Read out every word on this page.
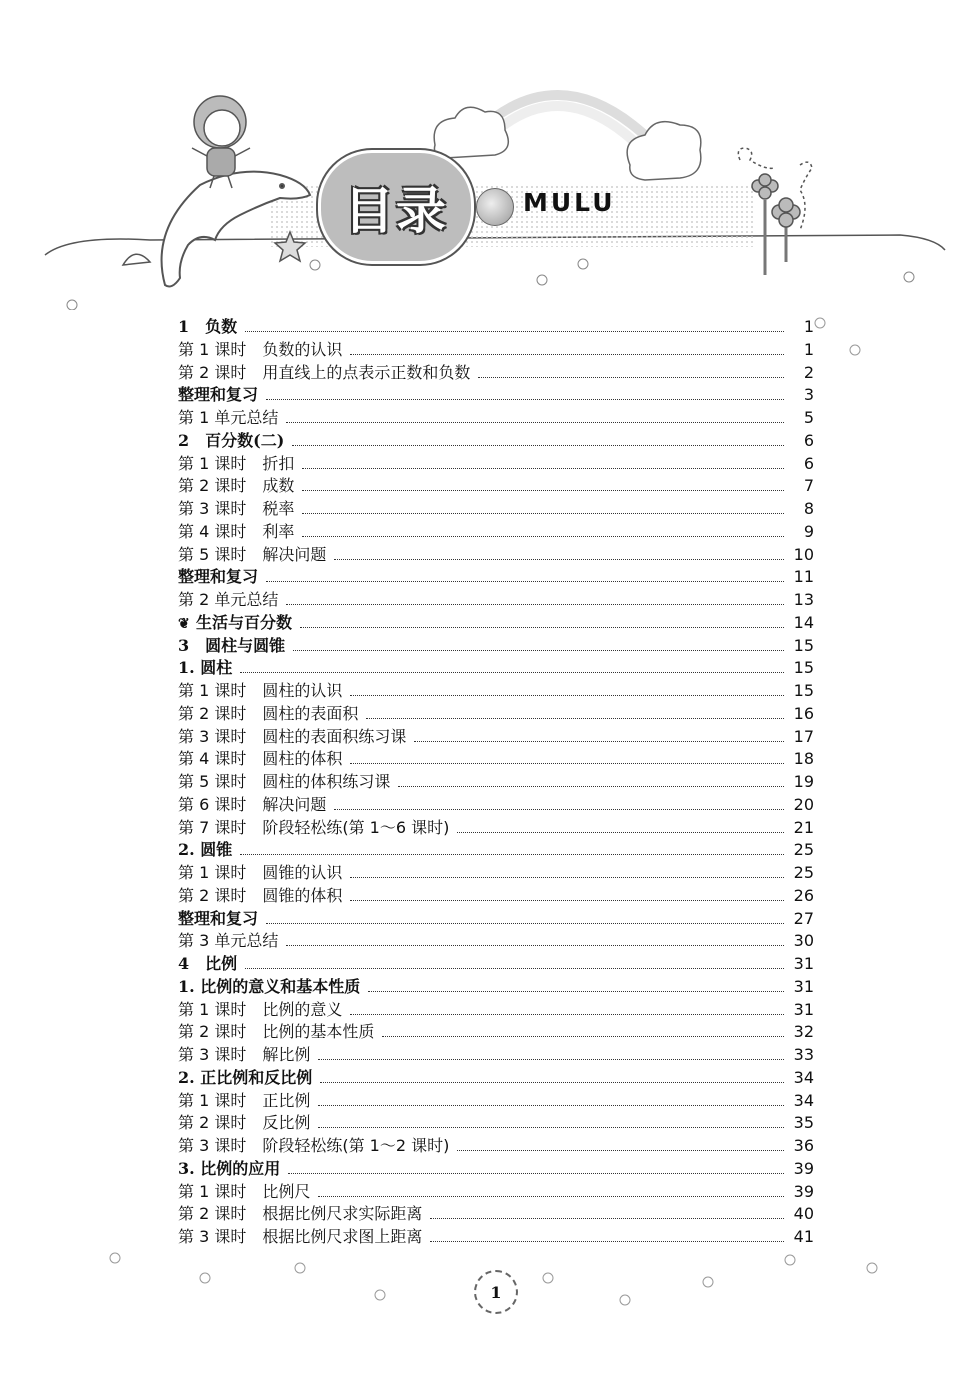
目录	MULU
1　负数	1
第 1 课时　负数的认识	1
第 2 课时　用直线上的点表示正数和负数	2
整理和复习	3
第 1 单元总结	5
2　百分数(二)	6
第 1 课时　折扣	6
第 2 课时　成数	7
第 3 课时　税率	8
第 4 课时　利率	9
第 5 课时　解决问题	10
整理和复习	11
第 2 单元总结	13
❦ 生活与百分数	14
3　圆柱与圆锥	15
1. 圆柱	15
第 1 课时　圆柱的认识	15
第 2 课时　圆柱的表面积	16
第 3 课时　圆柱的表面积练习课	17
第 4 课时　圆柱的体积	18
第 5 课时　圆柱的体积练习课	19
第 6 课时　解决问题	20
第 7 课时　阶段轻松练(第 1～6 课时)	21
2. 圆锥	25
第 1 课时　圆锥的认识	25
第 2 课时　圆锥的体积	26
整理和复习	27
第 3 单元总结	30
4　比例	31
1. 比例的意义和基本性质	31
第 1 课时　比例的意义	31
第 2 课时　比例的基本性质	32
第 3 课时　解比例	33
2. 正比例和反比例	34
第 1 课时　正比例	34
第 2 课时　反比例	35
第 3 课时　阶段轻松练(第 1～2 课时)	36
3. 比例的应用	39
第 1 课时　比例尺	39
第 2 课时　根据比例尺求实际距离	40
第 3 课时　根据比例尺求图上距离	41
1
